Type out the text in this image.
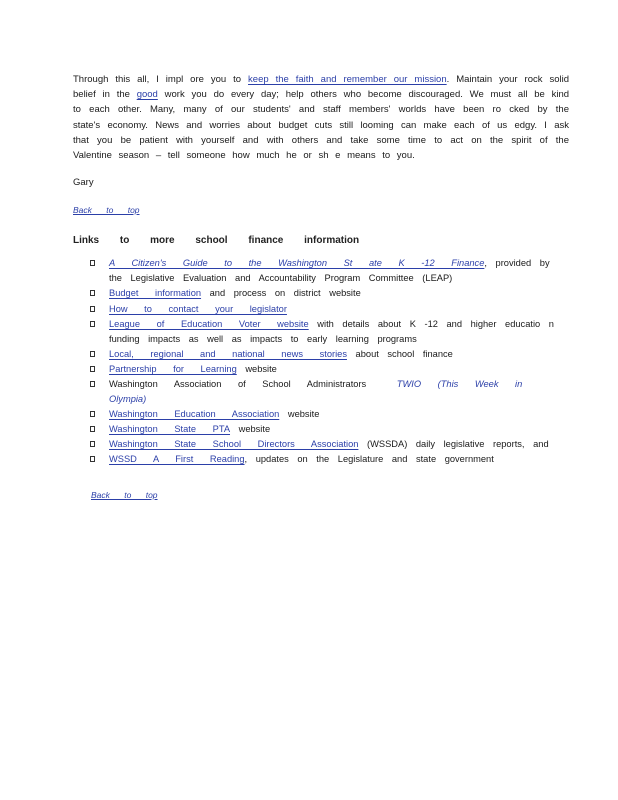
Through this all, I impl ore you to keep the faith and remember our mission. Maintain your rock solid belief in the good work you do every day; help others who become discouraged. We must all be kind to each other. Many, many of our students' and staff members' worlds have been ro cked by the state's economy. News and worries about budget cuts still looming can make each of us edgy. I ask that you be patient with yourself and with others and take some time to act on the spirit of the Valentine season – tell someone how much he or sh e means to you.

Gary

Back to top

Links to more school finance information

A Citizen's Guide to the Washington St ate K -12 Finance, provided by the Legislative Evaluation and Accountability Program Committee (LEAP)
Budget information and process on district website
How to contact your legislator
League of Education Voter website with details about K -12 and higher educatio n funding impacts as well as impacts to early learning programs
Local, regional and national news stories about school finance
Partnership for Learning website
Washington Association of School Administrators TWIO (This Week in Olympia)
Washington Education Association website
Washington State PTA website
Washington State School Directors Association (WSSDA) daily legislative reports, and
WSSD A First Reading, updates on the Legislature and state government
Back to top
